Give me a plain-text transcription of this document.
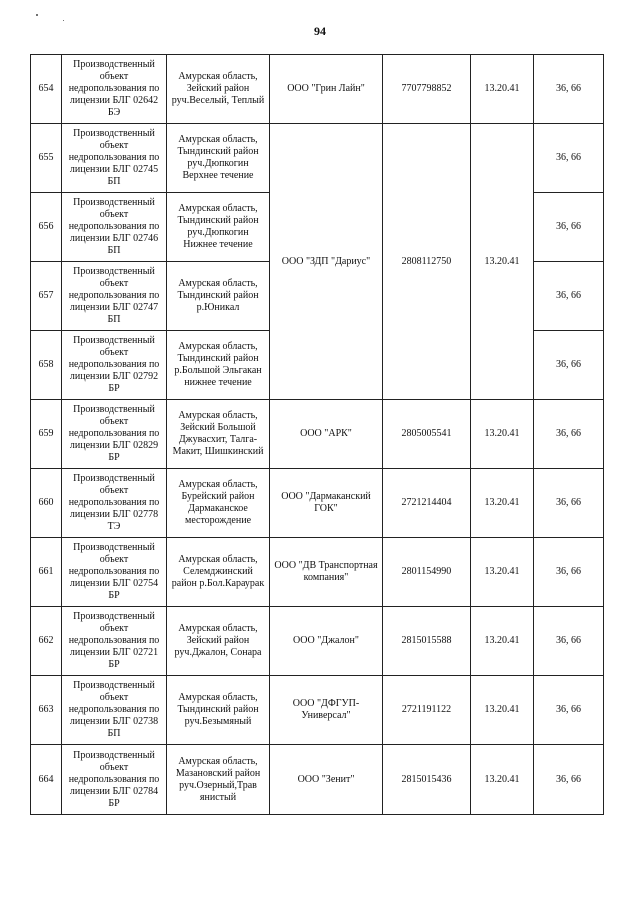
94
654	Производственный объект недропользования по лицензии БЛГ 02642 БЭ	Амурская область, Зейский район руч.Веселый, Теплый	ООО "Грин Лайн"	7707798852	13.20.41	36, 66
655	Производственный объект недропользования по лицензии БЛГ 02745 БП	Амурская область, Тындинский район руч.Дюпкогин Верхнее течение	ООО "ЗДП "Дариус"	2808112750	13.20.41	36, 66
656	Производственный объект недропользования по лицензии БЛГ 02746 БП	Амурская область, Тындинский район руч.Дюпкогин Нижнее течение				36, 66
657	Производственный объект недропользования по лицензии БЛГ 02747 БП	Амурская область, Тындинский район р.Юникал				36, 66
658	Производственный объект недропользования по лицензии БЛГ 02792 БР	Амурская область, Тындинский район р.Большой Эльгакан нижнее течение				36, 66
659	Производственный объект недропользования по лицензии БЛГ 02829 БР	Амурская область, Зейский Большой Джувасхит, Талга-Макит, Шишкинский	ООО "АРК"	2805005541	13.20.41	36, 66
660	Производственный объект недропользования по лицензии БЛГ 02778 ТЭ	Амурская область, Бурейский район Дармаканское месторождение	ООО "Дармаканский ГОК"	2721214404	13.20.41	36, 66
661	Производственный объект недропользования по лицензии БЛГ 02754 БР	Амурская область, Селемджинский район р.Бол.Караурак	ООО "ДВ Транспортная компания"	2801154990	13.20.41	36, 66
662	Производственный объект недропользования по лицензии БЛГ 02721 БР	Амурская область, Зейский район руч.Джалон, Сонара	ООО "Джалон"	2815015588	13.20.41	36, 66
663	Производственный объект недропользования по лицензии БЛГ 02738 БП	Амурская область, Тындинский район руч.Безымяный	ООО "ДФГУП-Универсал"	2721191122	13.20.41	36, 66
664	Производственный объект недропользования по лицензии БЛГ 02784 БР	Амурская область, Мазановский район руч.Озерный,Трав янистый	ООО "Зенит"	2815015436	13.20.41	36, 66
